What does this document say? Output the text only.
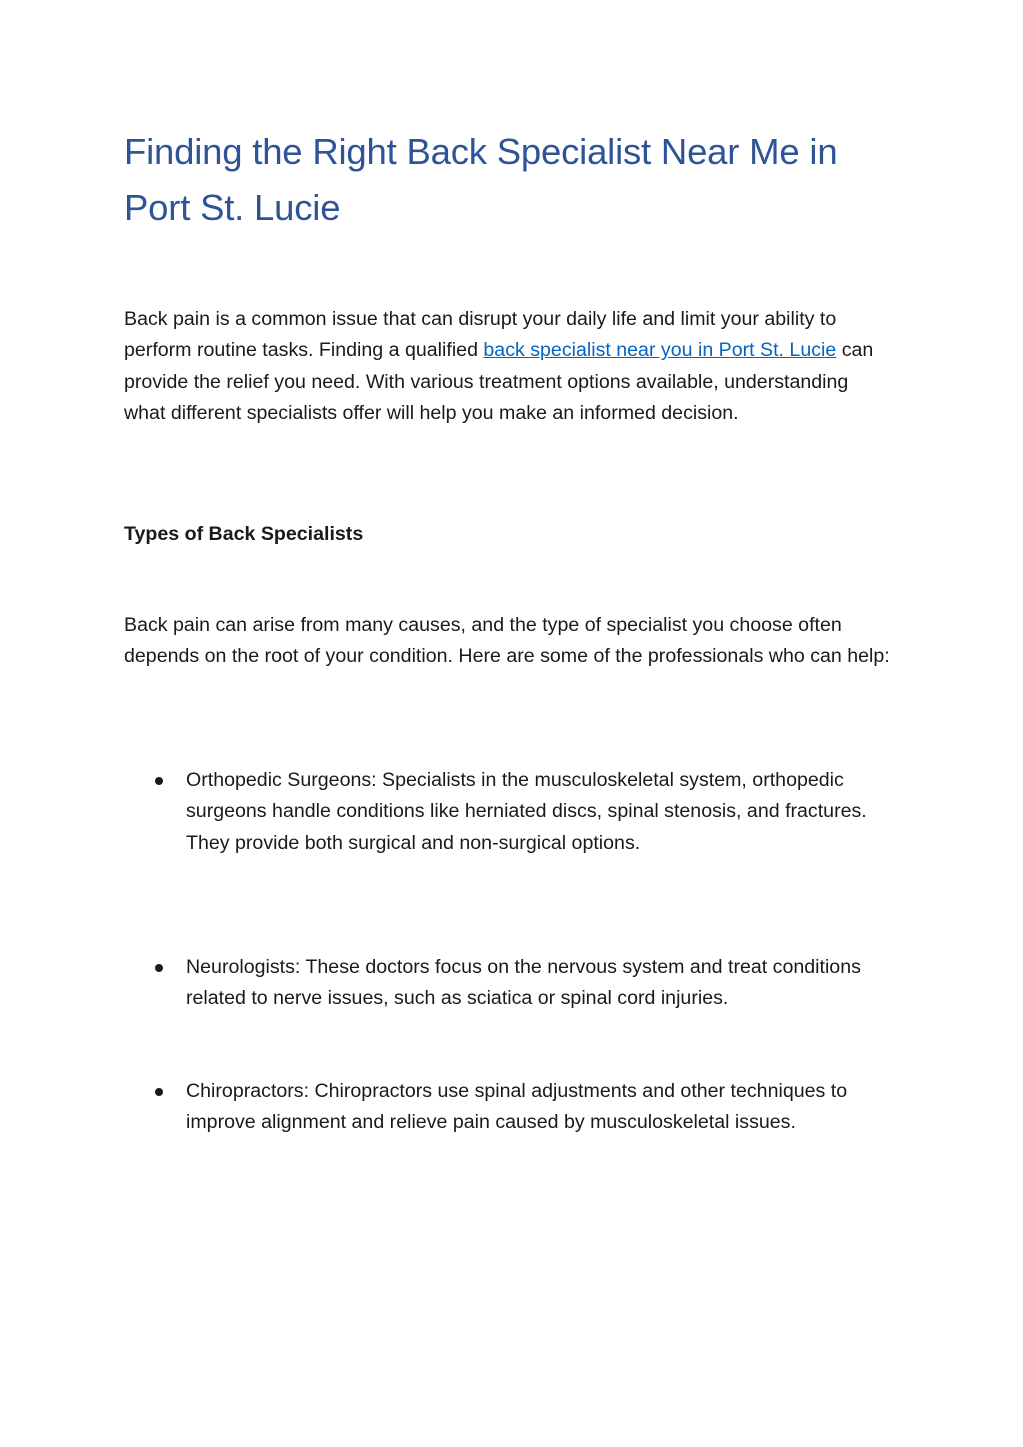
Finding the Right Back Specialist Near Me in Port St. Lucie

Back pain is a common issue that can disrupt your daily life and limit your ability to perform routine tasks. Finding a qualified back specialist near you in Port St. Lucie can provide the relief you need. With various treatment options available, understanding what different specialists offer will help you make an informed decision.

Types of Back Specialists

Back pain can arise from many causes, and the type of specialist you choose often depends on the root of your condition. Here are some of the professionals who can help:

Orthopedic Surgeons: Specialists in the musculoskeletal system, orthopedic surgeons handle conditions like herniated discs, spinal stenosis, and fractures. They provide both surgical and non-surgical options.
Neurologists: These doctors focus on the nervous system and treat conditions related to nerve issues, such as sciatica or spinal cord injuries.
Chiropractors: Chiropractors use spinal adjustments and other techniques to improve alignment and relieve pain caused by musculoskeletal issues.
